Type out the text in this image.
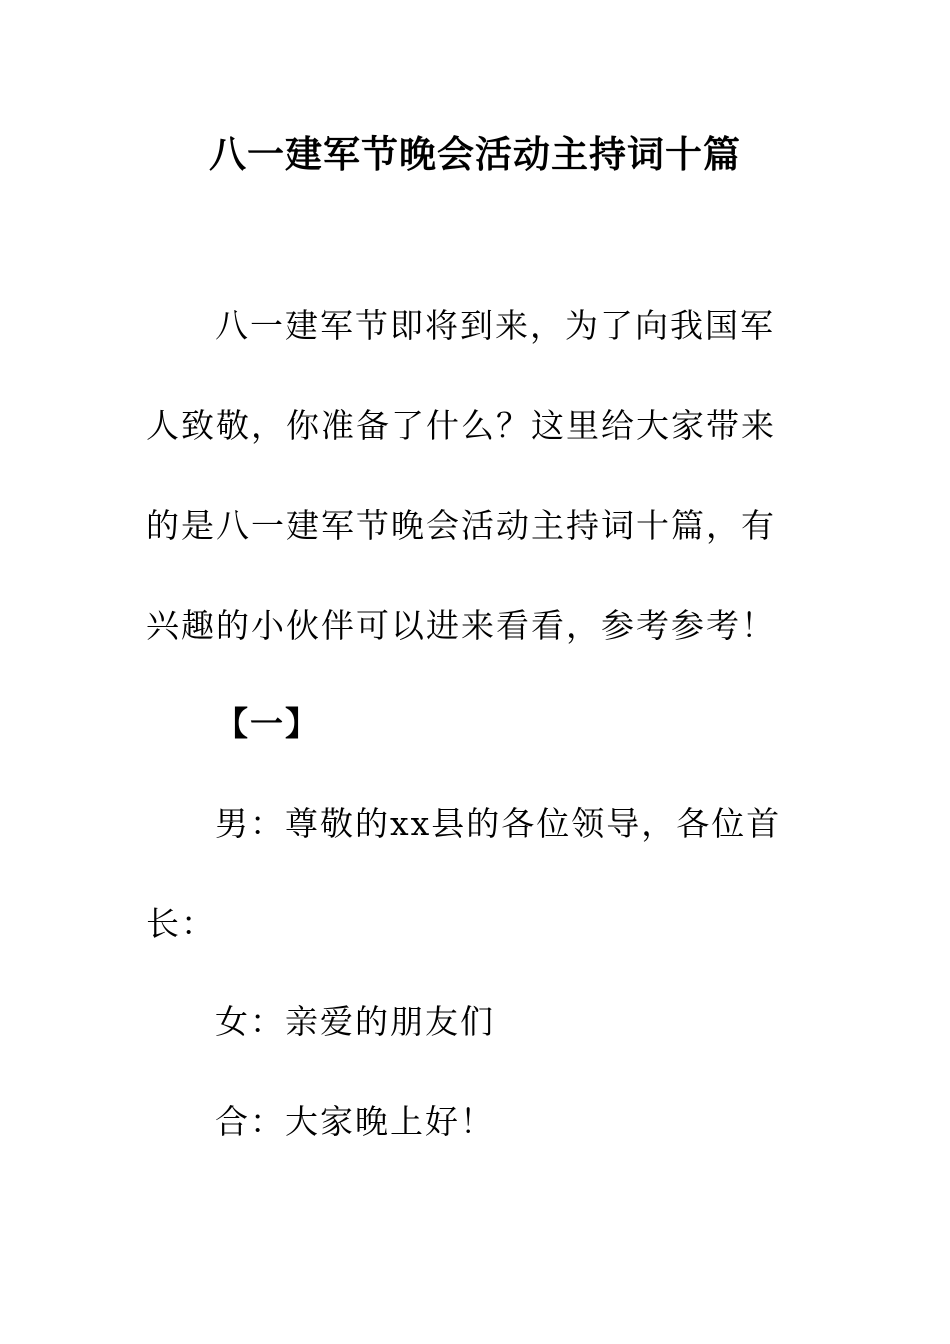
八一建军节晚会活动主持词十篇
八一建军节即将到来，为了向我国军
人致敬，你准备了什么？这里给大家带来
的是八一建军节晚会活动主持词十篇，有
兴趣的小伙伴可以进来看看，参考参考！
【一】
男：尊敬的xx县的各位领导，各位首
长：
女：亲爱的朋友们
合：大家晚上好！
